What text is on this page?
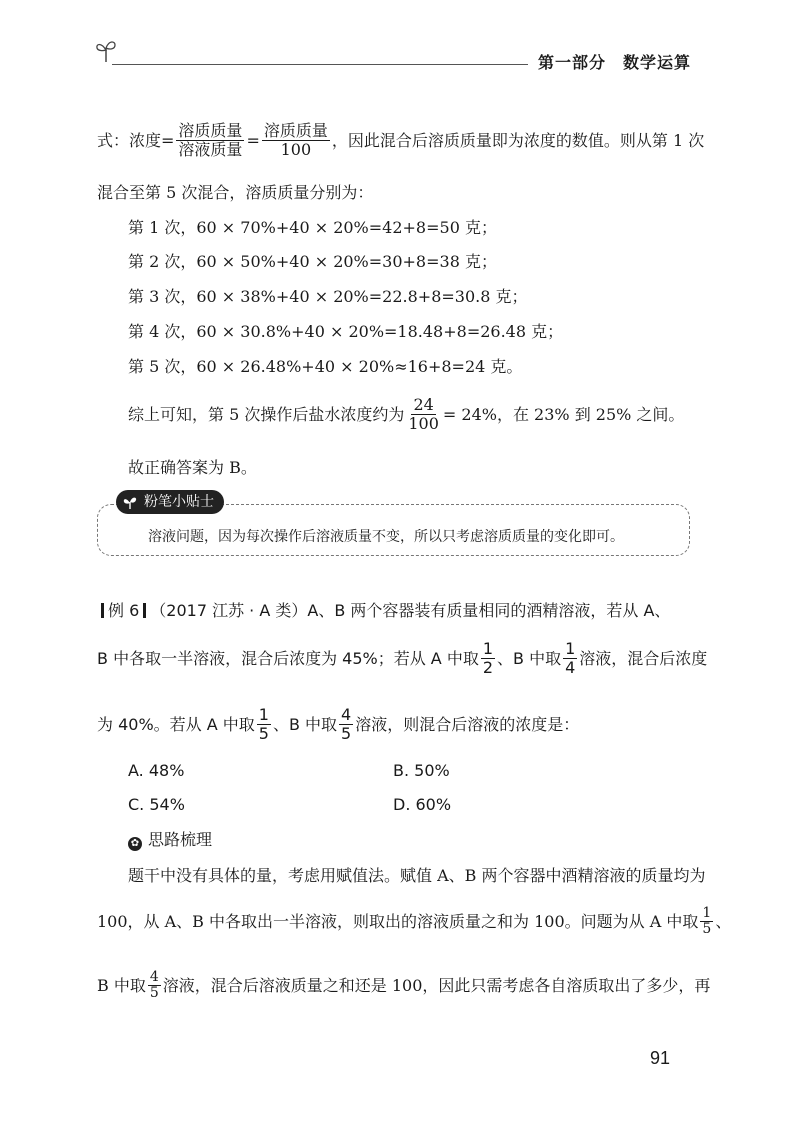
第一部分　数学运算
式：浓度= $\frac{\text{溶质质量}}{\text{溶液质量}} = \frac{\text{溶质质量}}{100}$ ，因此混合后溶质质量即为浓度的数值。则从第 1 次
混合至第 5 次混合，溶质质量分别为：
第 1 次，60 × 70%+40 × 20%=42+8=50 克；
第 2 次，60 × 50%+40 × 20%=30+8=38 克；
第 3 次，60 × 38%+40 × 20%=22.8+8=30.8 克；
第 4 次，60 × 30.8%+40 × 20%=18.48+8=26.48 克；
第 5 次，60 × 26.48%+40 × 20%≈16+8=24 克。
综上可知，第 5 次操作后盐水浓度约为 $\frac{24}{100} = 24\%$，在 23% 到 25% 之间。
故正确答案为 B。
粉笔小贴士
溶液问题，因为每次操作后溶液质量不变，所以只考虑溶质质量的变化即可。
例 6 （2017 江苏 · A 类）A、B 两个容器装有质量相同的酒精溶液，若从 A、
B 中各取一半溶液，混合后浓度为 45%；若从 A 中取 $\frac{1}{2}$ 、B 中取 $\frac{1}{4}$ 溶液，混合后浓度
为 40%。若从 A 中取 $\frac{1}{5}$ 、B 中取 $\frac{4}{5}$ 溶液，则混合后溶液的浓度是：
A. 48%	B. 50%
C. 54%	D. 60%
✿ 思路梳理
题干中没有具体的量，考虑用赋值法。赋值 A、B 两个容器中酒精溶液的质量均为
100，从 A、B 中各取出一半溶液，则取出的溶液质量之和为 100。问题为从 A 中取 $\frac{1}{5}$ 、
B 中取 $\frac{4}{5}$ 溶液，混合后溶液质量之和还是 100，因此只需考虑各自溶质取出了多少，再
91
